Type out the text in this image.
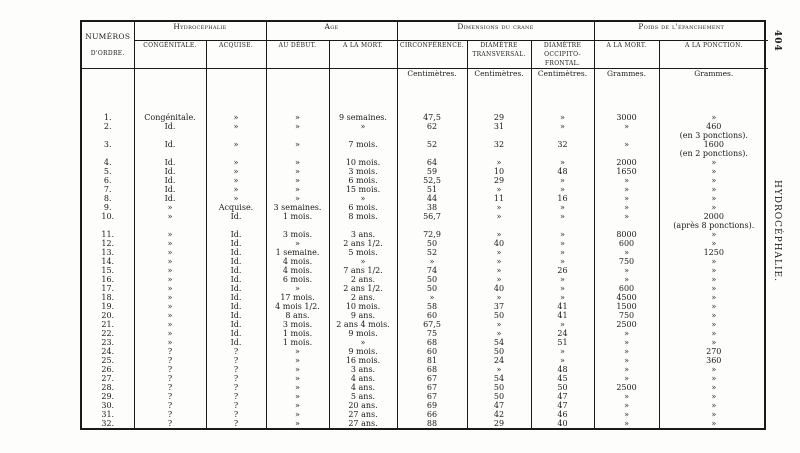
NUMÉROS
D'ORDRE.	Hydrocéphalie		Age		Dimensions du crane			Poids de l'épanchement	
	CONGÉNITALE.	ACQUISE.	AU DÉBUT.	A LA MORT.	CIRCONFÉRENCE.	DIAMÈTRE TRANSVERSAL.	DIAMÈTRE OCCIPITO-FRONTAL.	A LA MORT.	A LA PONCTION.
					Centimètres.	Centimètres.	Centimètres.	Grammes.	Grammes.
1.	Congénitale.	»	»	9 semaines.	47,5	29	»	3000	»
2.	Id.	»	»	»	62	31	»	»	460
									(en 3 ponctions).
3.	Id.	»	»	7 mois.	52	32	32	»	1600
									(en 2 ponctions).
4.	Id.	»	»	10 mois.	64	»	»	2000	»
5.	Id.	»	»	3 mois.	59	10	48	1650	»
6.	Id.	»	»	6 mois.	52,5	29	»	»	»
7.	Id.	»	»	15 mois.	51	»	»	»	»
8.	Id.	»	»	»	44	11	16	»	»
9.	»	Acquise.	3 semaines.	6 mois.	38	»	»	»	»
10.	»	Id.	1 mois.	8 mois.	56,7	»	»	»	2000
									(après 8 ponctions).
11.	»	Id.	3 mois.	3 ans.	72,9	»	»	8000	»
12.	»	Id.	»	2 ans 1/2.	50	40	»	600	»
13.	»	Id.	1 semaine.	5 mois.	52	»	»	»	1250
14.	»	Id.	4 mois.	»	»	»	»	750	»
15.	»	Id.	4 mois.	7 ans 1/2.	74	»	26	»	»
16.	»	Id.	6 mois.	2 ans.	50	»	»	»	»
17.	»	Id.	»	2 ans 1/2.	50	40	»	600	»
18.	»	Id.	17 mois.	2 ans.	»	»	»	4500	»
19.	»	Id.	4 mois 1/2.	10 mois.	58	37	41	1500	»
20.	»	Id.	8 ans.	9 ans.	60	50	41	750	»
21.	»	Id.	3 mois.	2 ans 4 mois.	67,5	»	»	2500	»
22.	»	Id.	1 mois.	9 mois.	75	»	24	»	»
23.	»	Id.	1 mois.	»	68	54	51	»	»
24.	?	?	»	9 mois.	60	50	»	»	270
25.	?	?	»	16 mois.	81	24	»	»	360
26.	?	?	»	3 ans.	68	»	48	»	»
27.	?	?	»	4 ans.	67	54	45	»	»
28.	?	?	»	4 ans.	67	50	50	2500	»
29.	?	?	»	5 ans.	67	50	47	»	»
30.	?	?	»	20 ans.	69	47	47	»	»
31.	?	?	»	27 ans.	66	42	46	»	»
32.	?	?	»	27 ans.	88	29	40	»	»
404
HYDROCÉPHALIE.
